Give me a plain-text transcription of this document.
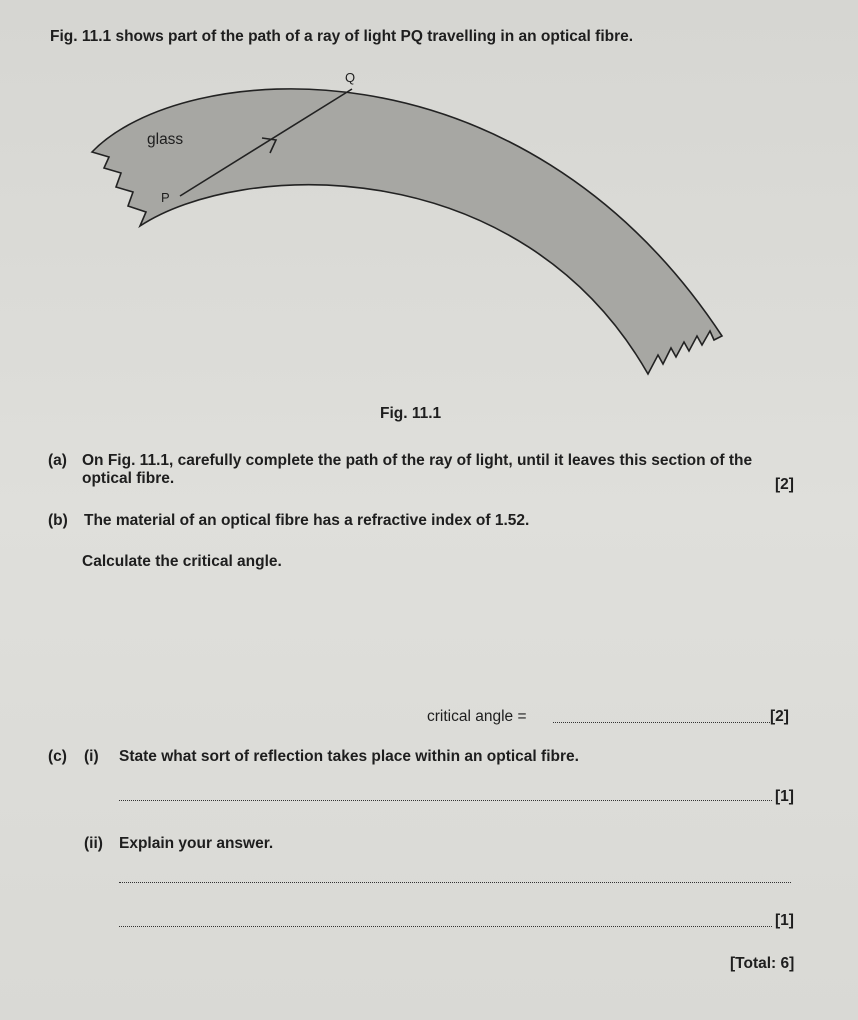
Fig. 11.1 shows part of the path of a ray of light PQ travelling in an optical fibre.
glass
P
Q
Fig. 11.1
(a) On Fig. 11.1, carefully complete the path of the ray of light, until it leaves this section of the
optical fibre.	[2]
(b) The material of an optical fibre has a refractive index of 1.52.
Calculate the critical angle.
critical angle =	[2]
(c) (i) State what sort of reflection takes place within an optical fibre.
[1]
(ii) Explain your answer.
[1]
[Total: 6]
